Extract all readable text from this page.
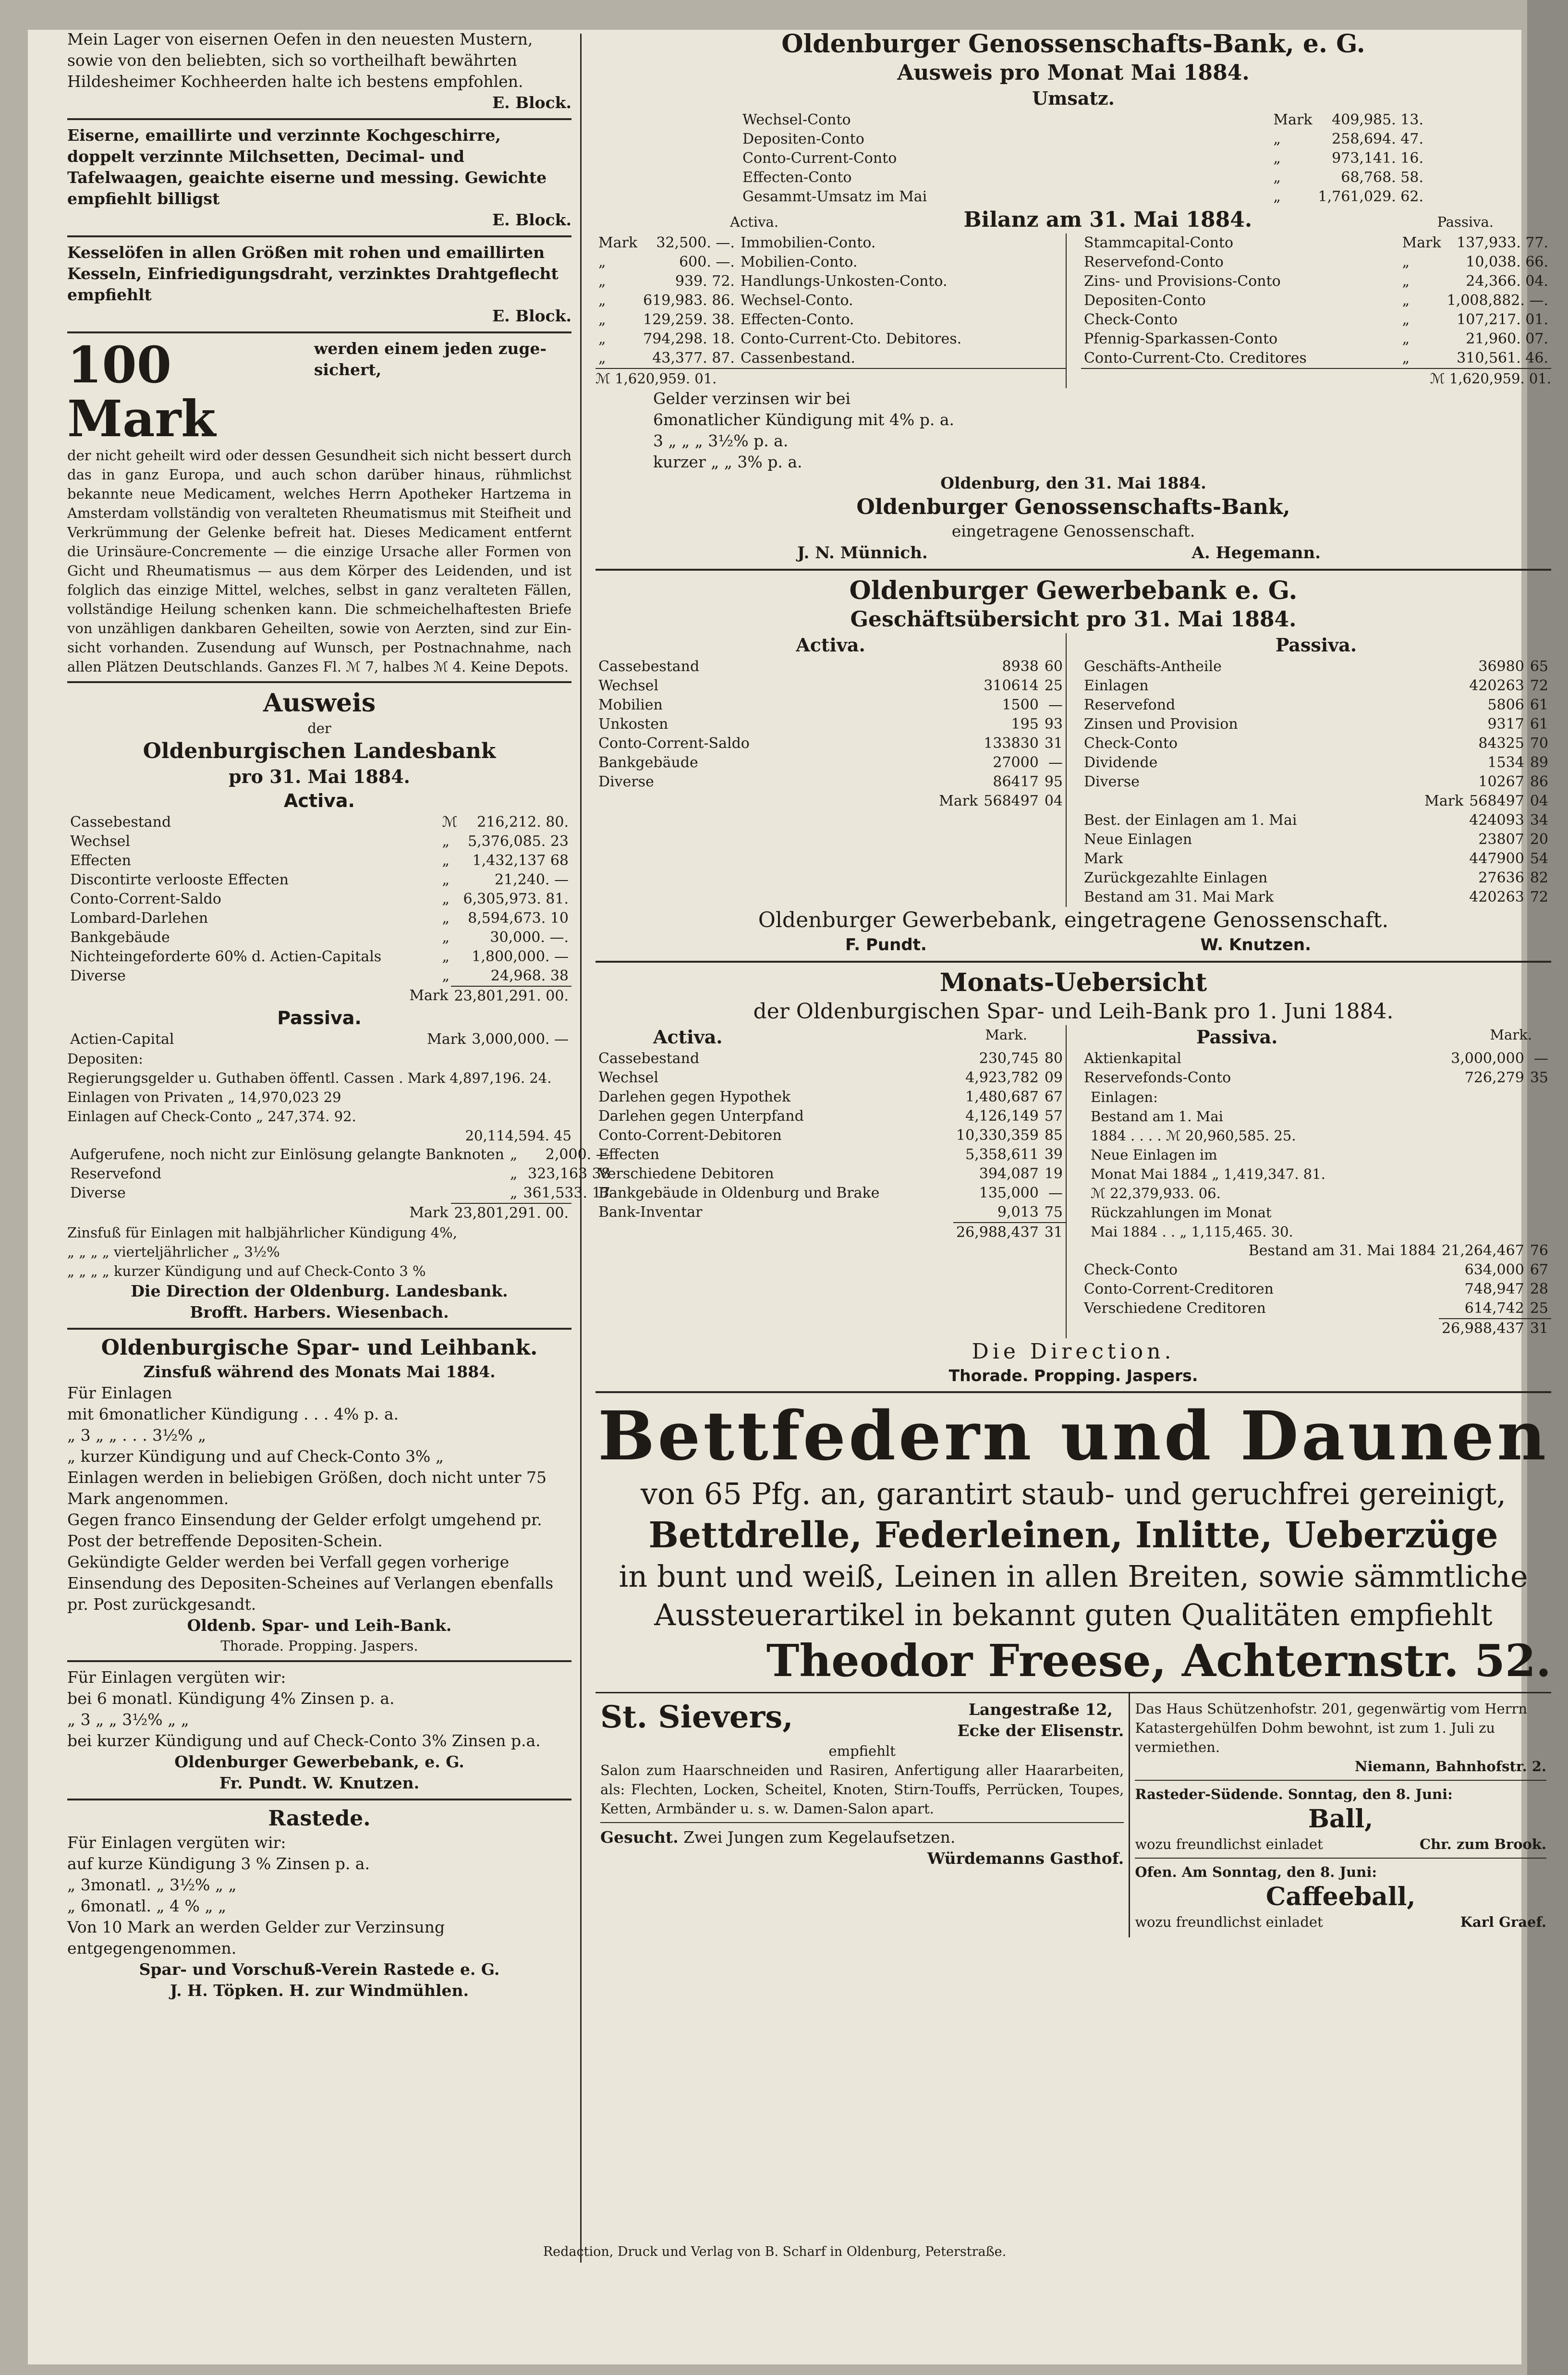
Mein Lager von eisernen Oefen in den neuesten Mustern, sowie von den beliebten, sich so vortheilhaft bewährten Hildesheimer Kochheerden halte ich bestens empfohlen.

E. Block.

Eiserne, emaillirte und verzinnte Kochgeschirre, doppelt verzinnte Milchsetten, Decimal- und Tafelwaagen, geaichte eiserne und messing. Gewichte empfiehlt billigst

E. Block.

Kesselöfen in allen Größen mit rohen und emaillirten Kesseln, Einfriedigungsdraht, verzinktes Drahtgeflecht empfiehlt

E. Block.

100 Mark
werden einem jeden zugesichert,

der nicht geheilt wird oder dessen Gesundheit sich nicht bessert durch das in ganz Europa, und auch schon darüber hinaus, rühmlichst bekannte neue Medicament, welches Herrn Apotheker Hartzema in Amsterdam vollständig von veralteten Rheumatismus mit Steifheit und Verkrümmung der Gelenke befreit hat. Dieses Medicament entfernt die Urinsäure-Concremente — die einzige Ursache aller Formen von Gicht und Rheumatismus — aus dem Körper des Leidenden, und ist folglich das einzige Mittel, welches, selbst in ganz veralteten Fällen, vollständige Heilung schenken kann. Die schmeichelhaftesten Briefe von unzähligen dankbaren Geheilten, sowie von Aerzten, sind zur Einsicht vorhanden. Zusendung auf Wunsch, per Postnachnahme, nach allen Plätzen Deutschlands. Ganzes Fl. ℳ 7, halbes ℳ 4. Keine Depots.

Ausweis

der

Oldenburgischen Landesbank

pro 31. Mai 1884.

Activa.

Cassebestand	ℳ	216,212. 80.
Wechsel	„	5,376,085. 23
Effecten	„	1,432,137 68
Discontirte verlooste Effecten	„	21,240. —
Conto-Corrent-Saldo	„	6,305,973. 81.
Lombard-Darlehen	„	8,594,673. 10
Bankgebäude	„	30,000. —.
Nichteingeforderte 60% d. Actien-Capitals	„	1,800,000. —
Diverse	„	24,968. 38
	Mark	23,801,291. 00.

Passiva.

Actien-Capital	Mark	3,000,000. —

Depositen:

Regierungsgelder u. Guthaben öffentl. Cassen . Mark 4,897,196. 24.

Einlagen von Privaten „ 14,970,023 29

Einlagen auf Check-Conto „ 247,374. 92.

20,114,594. 45

Aufgerufene, noch nicht zur Einlösung gelangte Banknoten	„	2,000. —
Reservefond	„	323,163 38
Diverse	„	361,533. 17
	Mark	23,801,291. 00.

Zinsfuß für Einlagen mit halbjährlicher Kündigung 4%,

„ „ „ „ vierteljährlicher „ 3½%

„ „ „ „ kurzer Kündigung und auf Check-Conto 3 %

Die Direction der Oldenburg. Landesbank.

Brofft. Harbers. Wiesenbach.

Oldenburgische Spar- und Leihbank.

Zinsfuß während des Monats Mai 1884.

Für Einlagen

mit 6monatlicher Kündigung . . . 4% p. a.

„ 3 „ „ . . . 3½% „

„ kurzer Kündigung und auf Check-Conto 3% „

Einlagen werden in beliebigen Größen, doch nicht unter 75 Mark angenommen.

Gegen franco Einsendung der Gelder erfolgt umgehend pr. Post der betreffende Depositen-Schein.

Gekündigte Gelder werden bei Verfall gegen vorherige Einsendung des Depositen-Scheines auf Verlangen ebenfalls pr. Post zurückgesandt.

Oldenb. Spar- und Leih-Bank.

Thorade. Propping. Jaspers.

Für Einlagen vergüten wir:

bei 6 monatl. Kündigung 4% Zinsen p. a.

„ 3 „ „ 3½% „ „

bei kurzer Kündigung und auf Check-Conto 3% Zinsen p.a.

Oldenburger Gewerbebank, e. G.

Fr. Pundt. W. Knutzen.

Rastede.

Für Einlagen vergüten wir:

auf kurze Kündigung 3 % Zinsen p. a.

„ 3monatl. „ 3½% „ „

„ 6monatl. „ 4 % „ „

Von 10 Mark an werden Gelder zur Verzinsung entgegengenommen.

Spar- und Vorschuß-Verein Rastede e. G.

J. H. Töpken. H. zur Windmühlen.

Oldenburger Genossenschafts-Bank, e. G.

Ausweis pro Monat Mai 1884.

Umsatz.

Wechsel-Conto	Mark	409,985. 13.
Depositen-Conto	„	258,694. 47.
Conto-Current-Conto	„	973,141. 16.
Effecten-Conto	„	68,768. 58.
Gesammt-Umsatz im Mai	„	1,761,029. 62.
Activa.	Bilanz am 31. Mai 1884.	Passiva.
Mark	32,500. —.	Immobilien-Conto.
„	600. —.	Mobilien-Conto.
„	939. 72.	Handlungs-Unkosten-Conto.
„	619,983. 86.	Wechsel-Conto.
„	129,259. 38.	Effecten-Conto.
„	794,298. 18.	Conto-Current-Cto. Debitores.
„	43,377. 87.	Cassenbestand.

ℳ 1,620,959. 01.

Stammcapital-Conto	Mark	137,933. 77.
Reservefond-Conto	„	10,038. 66.
Zins- und Provisions-Conto	„	24,366. 04.
Depositen-Conto	„	1,008,882. —.
Check-Conto	„	107,217. 01.
Pfennig-Sparkassen-Conto	„	21,960. 07.
Conto-Current-Cto. Creditores	„	310,561. 46.

ℳ 1,620,959. 01.

Gelder verzinsen wir bei

6monatlicher Kündigung mit 4% p. a.

3 „ „ „ 3½% p. a.

kurzer „ „ 3% p. a.

Oldenburg, den 31. Mai 1884.

Oldenburger Genossenschafts-Bank,

eingetragene Genossenschaft.

J. N. Münnich.	A. Hegemann.

Oldenburger Gewerbebank e. G.

Geschäftsübersicht pro 31. Mai 1884.

Activa.

Cassebestand	8938	60
Wechsel	310614	25
Mobilien	1500	—
Unkosten	195	93
Conto-Corrent-Saldo	133830	31
Bankgebäude	27000	—
Diverse	86417	95
Mark	568497	04

Passiva.

Geschäfts-Antheile	36980	65
Einlagen	420263	72
Reservefond	5806	61
Zinsen und Provision	9317	61
Check-Conto	84325	70
Dividende	1534	89
Diverse	10267	86
Mark	568497	04
Best. der Einlagen am 1. Mai	424093	34
Neue Einlagen	23807	20
Mark	447900	54
Zurückgezahlte Einlagen	27636	82
Bestand am 31. Mai Mark	420263	72

Oldenburger Gewerbebank, eingetragene Genossenschaft.

F. Pundt.	W. Knutzen.

Monats-Uebersicht

der Oldenburgischen Spar- und Leih-Bank pro 1. Juni 1884.

Activa.	Mark.
Cassebestand	230,745	80
Wechsel	4,923,782	09
Darlehen gegen Hypothek	1,480,687	67
Darlehen gegen Unterpfand	4,126,149	57
Conto-Corrent-Debitoren	10,330,359	85
Effecten	5,358,611	39
Verschiedene Debitoren	394,087	19
Bankgebäude in Oldenburg und Brake	135,000	—
Bank-Inventar	9,013	75
	26,988,437	31
Passiva.	Mark.
Aktienkapital	3,000,000	—
Reservefonds-Conto	726,279	35

Einlagen:

Bestand am 1. Mai

1884 . . . . ℳ 20,960,585. 25.

Neue Einlagen im

Monat Mai 1884 „ 1,419,347. 81.

ℳ 22,379,933. 06.

Rückzahlungen im Monat

Mai 1884 . . „ 1,115,465. 30.

Bestand am 31. Mai 1884	21,264,467	76
Check-Conto	634,000	67
Conto-Corrent-Creditoren	748,947	28
Verschiedene Creditoren	614,742	25
	26,988,437	31

Die Direction.

Thorade. Propping. Jaspers.

Bettfedern und Daunen

von 65 Pfg. an, garantirt staub- und geruchfrei gereinigt,

Bettdrelle, Federleinen, Inlitte, Ueberzüge

in bunt und weiß, Leinen in allen Breiten, sowie sämmtliche

Aussteuerartikel in bekannt guten Qualitäten empfiehlt

Theodor Freese, Achternstr. 52.

St. Sievers,	Langestraße 12,
Ecke der Elisenstr.

empfiehlt

Salon zum Haarschneiden und Rasiren, Anfertigung aller Haararbeiten, als: Flechten, Locken, Scheitel, Knoten, Stirn-Touffs, Perrücken, Toupes, Ketten, Armbänder u. s. w. Damen-Salon apart.

Gesucht. Zwei Jungen zum Kegelaufsetzen.

Würdemanns Gasthof.

Das Haus Schützenhofstr. 201, gegenwärtig vom Herrn Katastergehülfen Dohm bewohnt, ist zum 1. Juli zu vermiethen.

Niemann, Bahnhofstr. 2.

Rasteder-Südende. Sonntag, den 8. Juni:

Ball,

wozu freundlichst einladet	Chr. zum Brook.

Ofen. Am Sonntag, den 8. Juni:

Caffeeball,

wozu freundlichst einladet	Karl Graef.

Redaction, Druck und Verlag von B. Scharf in Oldenburg, Peterstraße.
